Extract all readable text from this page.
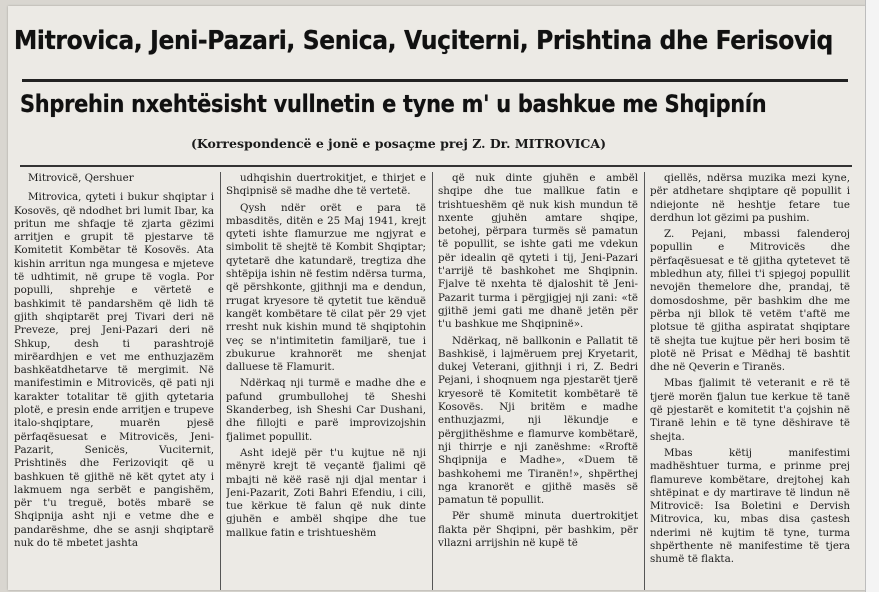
Mitrovica, Jeni-Pazari, Senica, Vuçiterni, Prishtina dhe Ferisoviq
Shprehin nxehtësisht vullnetin e tyne m' u bashkue me Shqipnín
(Korrespondencë e jonë e posaçme prej Z. Dr. MITROVICA)

Mitrovicë, Qershuer

Mitrovica, qyteti i bukur shqiptar i Kosovës, që ndodhet bri lumit Ibar, ka pritun me shfaqje të zjarta gëzimi arritjen e grupit të pjestarve të Komitetit Kombëtar të Kosovës. Ata kishin arritun nga mungesa e mjeteve të udhtimit, në grupe të vogla. Por populli, shprehje e vërtetë e bashkimit të pandarshëm që lidh të gjith shqiptarët prej Tivari deri në Preveze, prej Jeni-Pazari deri në Shkup, desh ti parashtrojë mirëardhjen e vet me enthuzjazëm bashkëatdhetarve të mergimit. Në manifestimin e Mitrovicës, që pati nji karakter totalitar të gjith qytetaria plotë, e presin ende arritjen e trupeve italo-shqiptare, muarën pjesë përfaqësuesat e Mitrovicës, Jeni-Pazarit, Senicës, Vuciternit, Prishtinës dhe Ferizoviqit që u bashkuen të gjithë në kët qytet aty i lakmuem nga serbët e pangishëm, për t'u treguë, botës mbarë se Shqipnija asht nji e vetme dhe e pandarëshme, dhe se asnji shqiptarë nuk do të mbetet jashta

udhqishin duertrokitjet, e thirjet e Shqipnisë së madhe dhe të vertetë.

Qysh ndër orët e para të mbasditës, ditën e 25 Maj 1941, krejt qyteti ishte flamurzue me ngjyrat e simbolit të shejtë të Kombit Shqiptar; qytetarë dhe katundarë, tregtiza dhe shtëpija ishin në festim ndërsa turma, që përshkonte, gjithnji ma e dendun, rrugat kryesore të qytetit tue kënduë kangët kombëtare të cilat për 29 vjet rresht nuk kishin mund të shqiptohin veç se n'intimitetin familjarë, tue i zbukurue krahnorët me shenjat dalluese të Flamurit.

Ndërkaq nji turmë e madhe dhe e pafund grumbullohej të Sheshi Skanderbeg, ish Sheshi Car Dushani, dhe fillojti e parë improvizojshin fjalimet popullit.

Asht idejë për t'u kujtue në nji mënyrë krejt të veçantë fjalimi që mbajti në këë rasë nji djal mentar i Jeni-Pazarit, Zoti Bahri Efendiu, i cili, tue kërkue të falun që nuk dinte gjuhën e ambël shqipe dhe tue mallkue fatin e trishtueshëm

që nuk dinte gjuhën e ambël shqipe dhe tue mallkue fatin e trishtueshëm që nuk kish mundun të nxente gjuhën amtare shqipe, betohej, përpara turmës së pamatun të popullit, se ishte gati me vdekun për idealin që qyteti i tij, Jeni-Pazari t'arrijë të bashkohet me Shqipnin. Fjalve të nxehta të djaloshit të Jeni-Pazarit turma i përgjigjej nji zani: «të gjithë jemi gati me dhanë jetën për t'u bashkue me Shqipninë».

Ndërkaq, në ballkonin e Pallatit të Bashkisë, i lajmëruem prej Kryetarit, dukej Veterani, gjithnji i ri, Z. Bedri Pejani, i shoqnuem nga pjestarët tjerë kryesorë të Komitetit kombëtarë të Kosovës. Nji britëm e madhe enthuzjazmi, nji lëkundje e përgjithëshme e flamurve kombëtarë, nji thirrje e nji zanëshme: «Rroftë Shqipnija e Madhe», «Duem të bashkohemi me Tiranën!», shpërthej nga kranorët e gjithë masës së pamatun të popullit.

Për shumë minuta duertrokitjet flakta për Shqipni, për bashkim, për vllazni arrijshin në kupë të

qiellës, ndërsa muzika mezi kyne, për atdhetare shqiptare që popullit i ndiejonte në heshtje fetare tue derdhun lot gëzimi pa pushim.

Z. Pejani, mbassi falenderoj popullin e Mitrovicës dhe përfaqësuesat e të gjitha qytetevet të mbledhun aty, fillei t'i spjegoj popullit nevojën themelore dhe, prandaj, të domosdoshme, për bashkim dhe me përba nji bllok të vetëm t'aftë me plotsue të gjitha aspiratat shqiptare të shejta tue kujtue për heri bosim të plotë në Prisat e Mëdhaj të bashtit dhe në Qeverin e Tiranës.

Mbas fjalimit të veteranit e rë të tjerë morën fjalun tue kerkue të tanë që pjestarët e komitetit t'a çojshin në Tiranë lehin e të tyne dëshirave të shejta.

Mbas këtij manifestimi madhështuer turma, e prinme prej flamureve kombëtare, drejtohej kah shtëpinat e dy martirave të lindun në Mitrovicë: Isa Boletini e Dervish Mitrovica, ku, mbas disa çastesh nderimi në kujtim të tyne, turma shpërthente në manifestime të tjera shumë të flakta.
